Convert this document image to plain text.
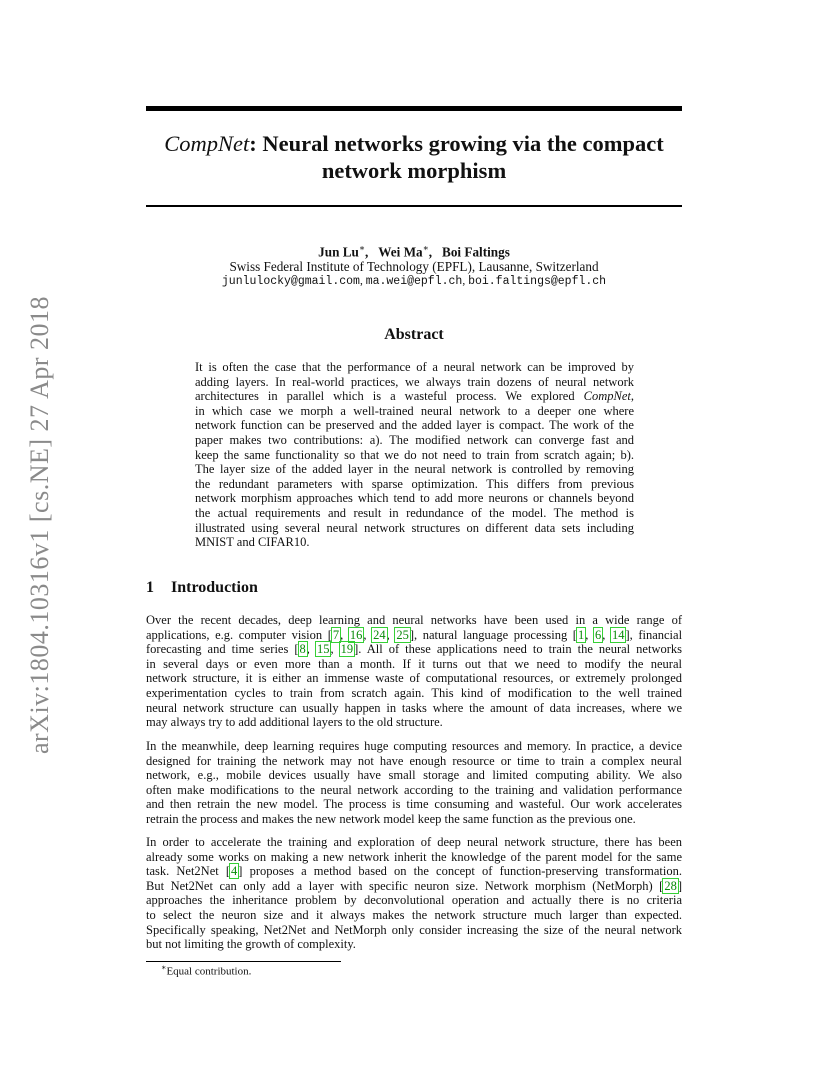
arXiv:1804.10316v1 [cs.NE] 27 Apr 2018
CompNet: Neural networks growing via the compact
network morphism
Jun Lu∗, Wei Ma∗, Boi Faltings
Swiss Federal Institute of Technology (EPFL), Lausanne, Switzerland
junlulocky@gmail.com, ma.wei@epfl.ch, boi.faltings@epfl.ch
Abstract
It is often the case that the performance of a neural network can be improved by
adding layers. In real-world practices, we always train dozens of neural network
architectures in parallel which is a wasteful process. We explored CompNet,
in which case we morph a well-trained neural network to a deeper one where
network function can be preserved and the added layer is compact. The work of the
paper makes two contributions: a). The modified network can converge fast and
keep the same functionality so that we do not need to train from scratch again; b).
The layer size of the added layer in the neural network is controlled by removing
the redundant parameters with sparse optimization. This differs from previous
network morphism approaches which tend to add more neurons or channels beyond
the actual requirements and result in redundance of the model. The method is
illustrated using several neural network structures on different data sets including
MNIST and CIFAR10.
1 Introduction
Over the recent decades, deep learning and neural networks have been used in a wide range of
applications, e.g. computer vision [7, 16, 24, 25], natural language processing [1, 6, 14], financial
forecasting and time series [8, 15, 19]. All of these applications need to train the neural networks
in several days or even more than a month. If it turns out that we need to modify the neural
network structure, it is either an immense waste of computational resources, or extremely prolonged
experimentation cycles to train from scratch again. This kind of modification to the well trained
neural network structure can usually happen in tasks where the amount of data increases, where we
may always try to add additional layers to the old structure.
In the meanwhile, deep learning requires huge computing resources and memory. In practice, a device
designed for training the network may not have enough resource or time to train a complex neural
network, e.g., mobile devices usually have small storage and limited computing ability. We also
often make modifications to the neural network according to the training and validation performance
and then retrain the new model. The process is time consuming and wasteful. Our work accelerates
retrain the process and makes the new network model keep the same function as the previous one.
In order to accelerate the training and exploration of deep neural network structure, there has been
already some works on making a new network inherit the knowledge of the parent model for the same
task. Net2Net [4] proposes a method based on the concept of function-preserving transformation.
But Net2Net can only add a layer with specific neuron size. Network morphism (NetMorph) [28]
approaches the inheritance problem by deconvolutional operation and actually there is no criteria
to select the neuron size and it always makes the network structure much larger than expected.
Specifically speaking, Net2Net and NetMorph only consider increasing the size of the neural network
but not limiting the growth of complexity.
∗Equal contribution.
